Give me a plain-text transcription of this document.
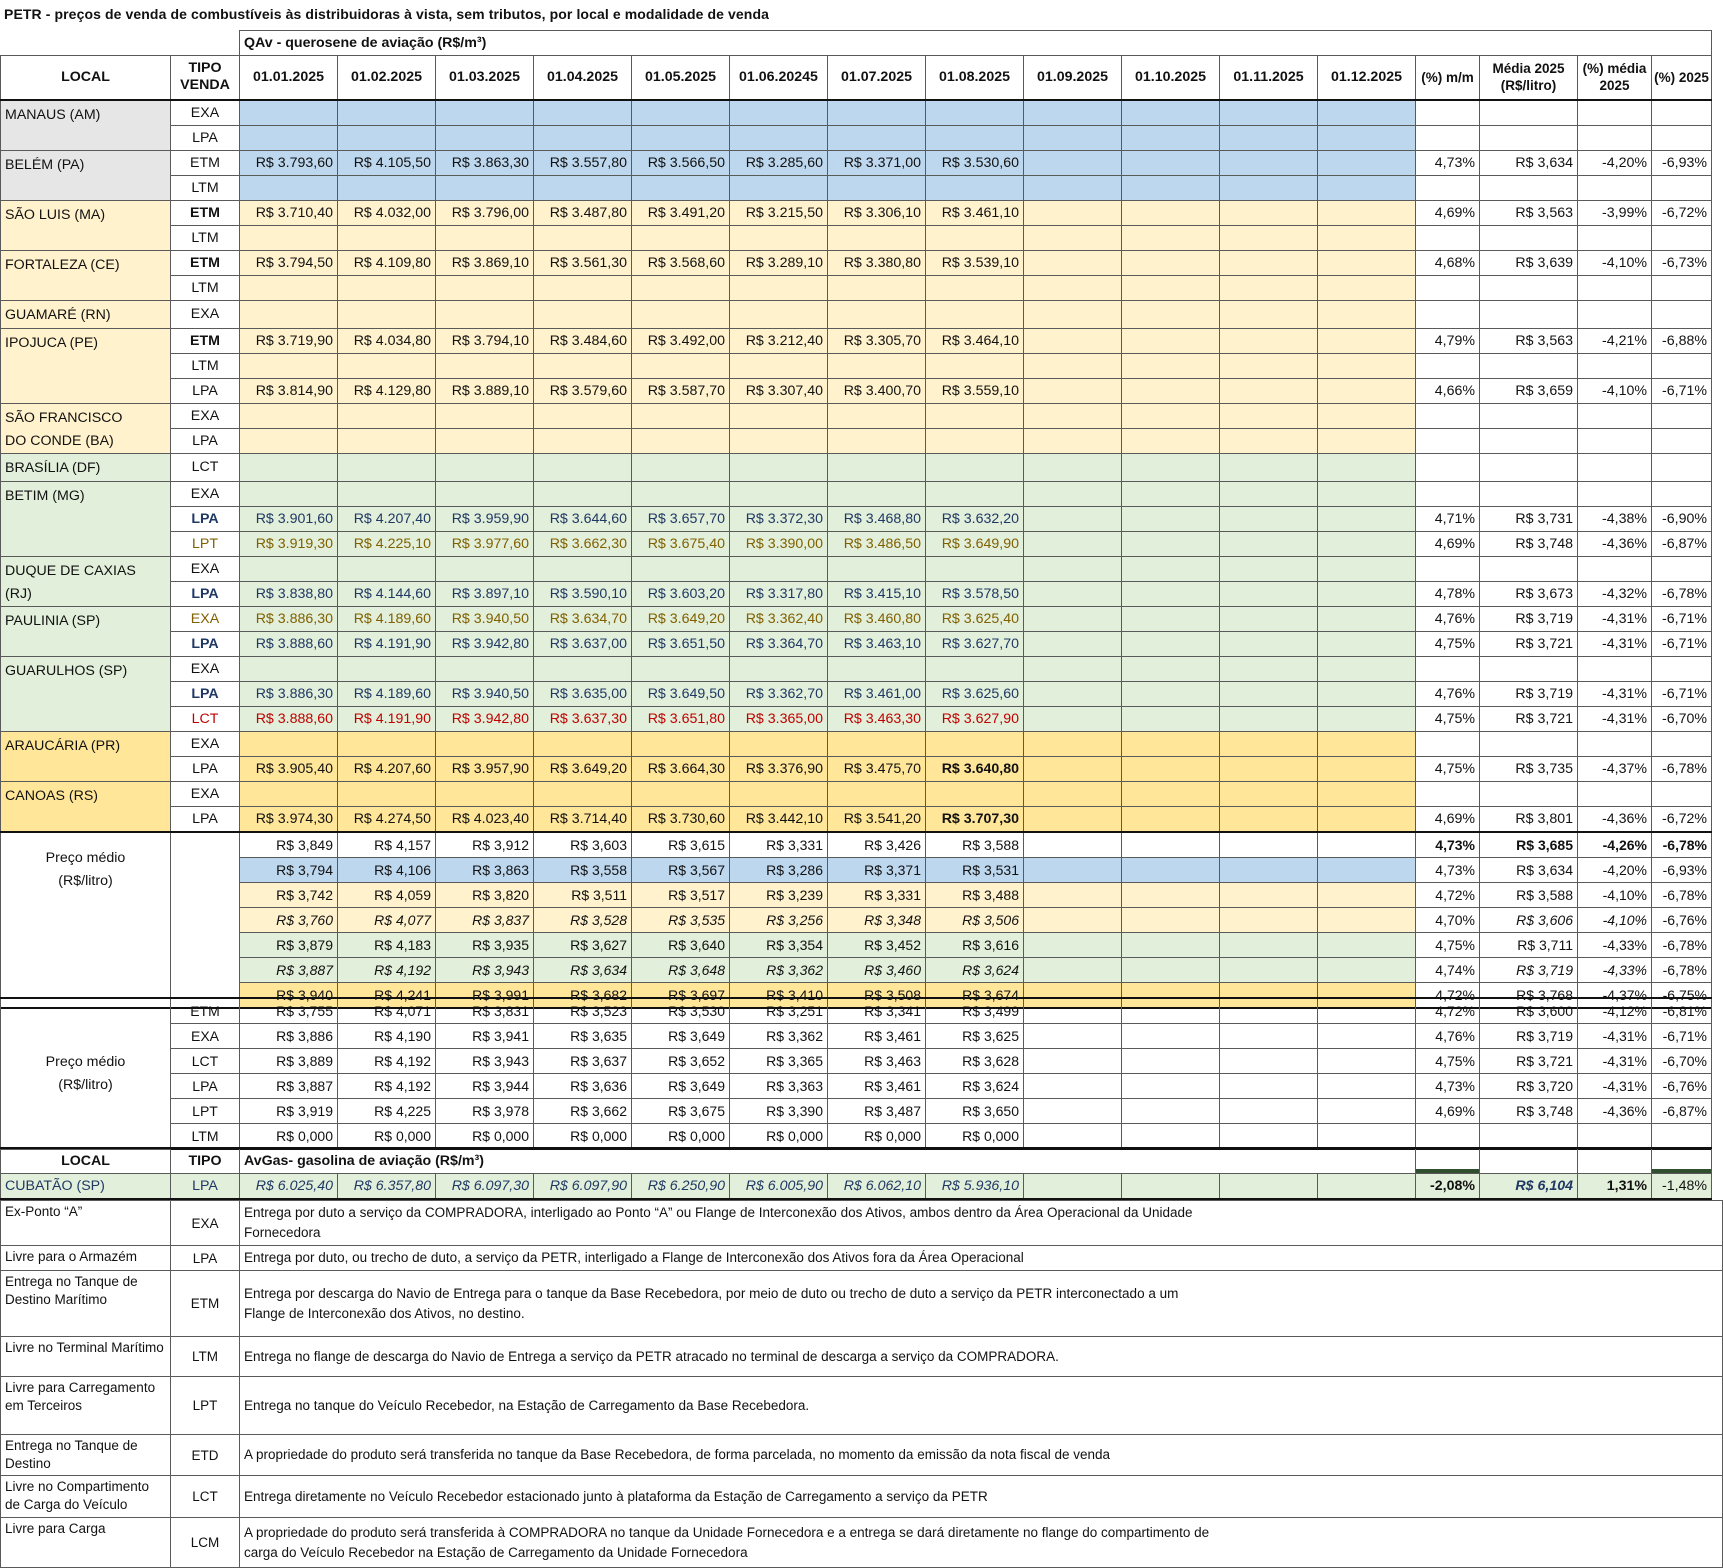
PETR - preços de venda de combustíveis às distribuidoras à vista, sem tributos, por local e modalidade de venda
		QAv - querosene de aviação (R$/m³)															
LOCAL	TIPO VENDA	01.01.2025	01.02.2025	01.03.2025	01.04.2025	01.05.2025	01.06.20245	01.07.2025	01.08.2025	01.09.2025	01.10.2025	01.11.2025	01.12.2025	(%) m/m	Média 2025 (R$/litro)	(%) média 2025	(%) 2025
MANAUS (AM)	EXA																
	LPA																
BELÉM (PA)	ETM	R$ 3.793,60	R$ 4.105,50	R$ 3.863,30	R$ 3.557,80	R$ 3.566,50	R$ 3.285,60	R$ 3.371,00	R$ 3.530,60					4,73%	R$ 3,634	-4,20%	-6,93%
	LTM																
SÃO LUIS (MA)	ETM	R$ 3.710,40	R$ 4.032,00	R$ 3.796,00	R$ 3.487,80	R$ 3.491,20	R$ 3.215,50	R$ 3.306,10	R$ 3.461,10					4,69%	R$ 3,563	-3,99%	-6,72%
	LTM																
FORTALEZA (CE)	ETM	R$ 3.794,50	R$ 4.109,80	R$ 3.869,10	R$ 3.561,30	R$ 3.568,60	R$ 3.289,10	R$ 3.380,80	R$ 3.539,10					4,68%	R$ 3,639	-4,10%	-6,73%
	LTM																
GUAMARÉ (RN)	EXA																
IPOJUCA (PE)	ETM	R$ 3.719,90	R$ 4.034,80	R$ 3.794,10	R$ 3.484,60	R$ 3.492,00	R$ 3.212,40	R$ 3.305,70	R$ 3.464,10					4,79%	R$ 3,563	-4,21%	-6,88%
	LTM																
	LPA	R$ 3.814,90	R$ 4.129,80	R$ 3.889,10	R$ 3.579,60	R$ 3.587,70	R$ 3.307,40	R$ 3.400,70	R$ 3.559,10					4,66%	R$ 3,659	-4,10%	-6,71%

SÃO FRANCISCO
DO CONDE (BA)	EXA																
	LPA																
BRASÍLIA (DF)	LCT																
BETIM (MG)	EXA																
	LPA	R$ 3.901,60	R$ 4.207,40	R$ 3.959,90	R$ 3.644,60	R$ 3.657,70	R$ 3.372,30	R$ 3.468,80	R$ 3.632,20					4,71%	R$ 3,731	-4,38%	-6,90%
	LPT	R$ 3.919,30	R$ 4.225,10	R$ 3.977,60	R$ 3.662,30	R$ 3.675,40	R$ 3.390,00	R$ 3.486,50	R$ 3.649,90					4,69%	R$ 3,748	-4,36%	-6,87%
DUQUE DE CAXIAS (RJ)	EXA																
	LPA	R$ 3.838,80	R$ 4.144,60	R$ 3.897,10	R$ 3.590,10	R$ 3.603,20	R$ 3.317,80	R$ 3.415,10	R$ 3.578,50					4,78%	R$ 3,673	-4,32%	-6,78%
PAULINIA (SP)	EXA	R$ 3.886,30	R$ 4.189,60	R$ 3.940,50	R$ 3.634,70	R$ 3.649,20	R$ 3.362,40	R$ 3.460,80	R$ 3.625,40					4,76%	R$ 3,719	-4,31%	-6,71%
	LPA	R$ 3.888,60	R$ 4.191,90	R$ 3.942,80	R$ 3.637,00	R$ 3.651,50	R$ 3.364,70	R$ 3.463,10	R$ 3.627,70					4,75%	R$ 3,721	-4,31%	-6,71%
GUARULHOS (SP)	EXA																
	LPA	R$ 3.886,30	R$ 4.189,60	R$ 3.940,50	R$ 3.635,00	R$ 3.649,50	R$ 3.362,70	R$ 3.461,00	R$ 3.625,60					4,76%	R$ 3,719	-4,31%	-6,71%
	LCT	R$ 3.888,60	R$ 4.191,90	R$ 3.942,80	R$ 3.637,30	R$ 3.651,80	R$ 3.365,00	R$ 3.463,30	R$ 3.627,90					4,75%	R$ 3,721	-4,31%	-6,70%
ARAUCÁRIA (PR)	EXA																
	LPA	R$ 3.905,40	R$ 4.207,60	R$ 3.957,90	R$ 3.649,20	R$ 3.664,30	R$ 3.376,90	R$ 3.475,70	R$ 3.640,80					4,75%	R$ 3,735	-4,37%	-6,78%
CANOAS (RS)	EXA																
	LPA	R$ 3.974,30	R$ 4.274,50	R$ 4.023,40	R$ 3.714,40	R$ 3.730,60	R$ 3.442,10	R$ 3.541,20	R$ 3.707,30					4,69%	R$ 3,801	-4,36%	-6,72%

Preço médio
(R$/litro)		R$ 3,849	R$ 4,157	R$ 3,912	R$ 3,603	R$ 3,615	R$ 3,331	R$ 3,426	R$ 3,588					4,73%	R$ 3,685	-4,26%	-6,78%
		R$ 3,794	R$ 4,106	R$ 3,863	R$ 3,558	R$ 3,567	R$ 3,286	R$ 3,371	R$ 3,531					4,73%	R$ 3,634	-4,20%	-6,93%
		R$ 3,742	R$ 4,059	R$ 3,820	R$ 3,511	R$ 3,517	R$ 3,239	R$ 3,331	R$ 3,488					4,72%	R$ 3,588	-4,10%	-6,78%
		R$ 3,760	R$ 4,077	R$ 3,837	R$ 3,528	R$ 3,535	R$ 3,256	R$ 3,348	R$ 3,506					4,70%	R$ 3,606	-4,10%	-6,76%
		R$ 3,879	R$ 4,183	R$ 3,935	R$ 3,627	R$ 3,640	R$ 3,354	R$ 3,452	R$ 3,616					4,75%	R$ 3,711	-4,33%	-6,78%
		R$ 3,887	R$ 4,192	R$ 3,943	R$ 3,634	R$ 3,648	R$ 3,362	R$ 3,460	R$ 3,624					4,74%	R$ 3,719	-4,33%	-6,78%
		R$ 3,940	R$ 4,241	R$ 3,991	R$ 3,682	R$ 3,697	R$ 3,410	R$ 3,508	R$ 3,674					4,72%	R$ 3,768	-4,37%	-6,75%
Preço médio
(R$/litro)	ETM	R$ 3,755	R$ 4,071	R$ 3,831	R$ 3,523	R$ 3,530	R$ 3,251	R$ 3,341	R$ 3,499					4,72%	R$ 3,600	-4,12%	-6,81%
	EXA	R$ 3,886	R$ 4,190	R$ 3,941	R$ 3,635	R$ 3,649	R$ 3,362	R$ 3,461	R$ 3,625					4,76%	R$ 3,719	-4,31%	-6,71%
	LCT	R$ 3,889	R$ 4,192	R$ 3,943	R$ 3,637	R$ 3,652	R$ 3,365	R$ 3,463	R$ 3,628					4,75%	R$ 3,721	-4,31%	-6,70%
	LPA	R$ 3,887	R$ 4,192	R$ 3,944	R$ 3,636	R$ 3,649	R$ 3,363	R$ 3,461	R$ 3,624					4,73%	R$ 3,720	-4,31%	-6,76%
	LPT	R$ 3,919	R$ 4,225	R$ 3,978	R$ 3,662	R$ 3,675	R$ 3,390	R$ 3,487	R$ 3,650					4,69%	R$ 3,748	-4,36%	-6,87%
	LTM	R$ 0,000	R$ 0,000	R$ 0,000	R$ 0,000	R$ 0,000	R$ 0,000	R$ 0,000	R$ 0,000								
LOCAL	TIPO	AvGas- gasolina de aviação (R$/m³)												

CUBATÃO (SP)	LPA	R$ 6.025,40	R$ 6.357,80	R$ 6.097,30	R$ 6.097,90	R$ 6.250,90	R$ 6.005,90	R$ 6.062,10	R$ 5.936,10					-2,08%	R$ 6,104	1,31%	-1,48%
Ex-Ponto “A”	EXA	Entrega por duto a serviço da COMPRADORA, interligado ao Ponto “A” ou Flange de Interconexão dos Ativos, ambos dentro da Área Operacional da Unidade Fornecedora
Livre para o Armazém	LPA	Entrega por duto, ou trecho de duto, a serviço da PETR, interligado a Flange de Interconexão dos Ativos fora da Área Operacional
Entrega no Tanque de Destino Marítimo	ETM	Entrega por descarga do Navio de Entrega para o tanque da Base Recebedora, por meio de duto ou trecho de duto a serviço da PETR interconectado a um Flange de Interconexão dos Ativos, no destino.
Livre no Terminal Marítimo	LTM	Entrega no flange de descarga do Navio de Entrega a serviço da PETR atracado no terminal de descarga a serviço da COMPRADORA.
Livre para Carregamento em Terceiros	LPT	Entrega no tanque do Veículo Recebedor, na Estação de Carregamento da Base Recebedora.
Entrega no Tanque de Destino	ETD	A propriedade do produto será transferida no tanque da Base Recebedora, de forma parcelada, no momento da emissão da nota fiscal de venda
Livre no Compartimento de Carga do Veículo	LCT	Entrega diretamente no Veículo Recebedor estacionado junto à plataforma da Estação de Carregamento a serviço da PETR
Livre para Carga	LCM	A propriedade do produto será transferida à COMPRADORA no tanque da Unidade Fornecedora e a entrega se dará diretamente no flange do compartimento de carga do Veículo Recebedor na Estação de Carregamento da Unidade Fornecedora
